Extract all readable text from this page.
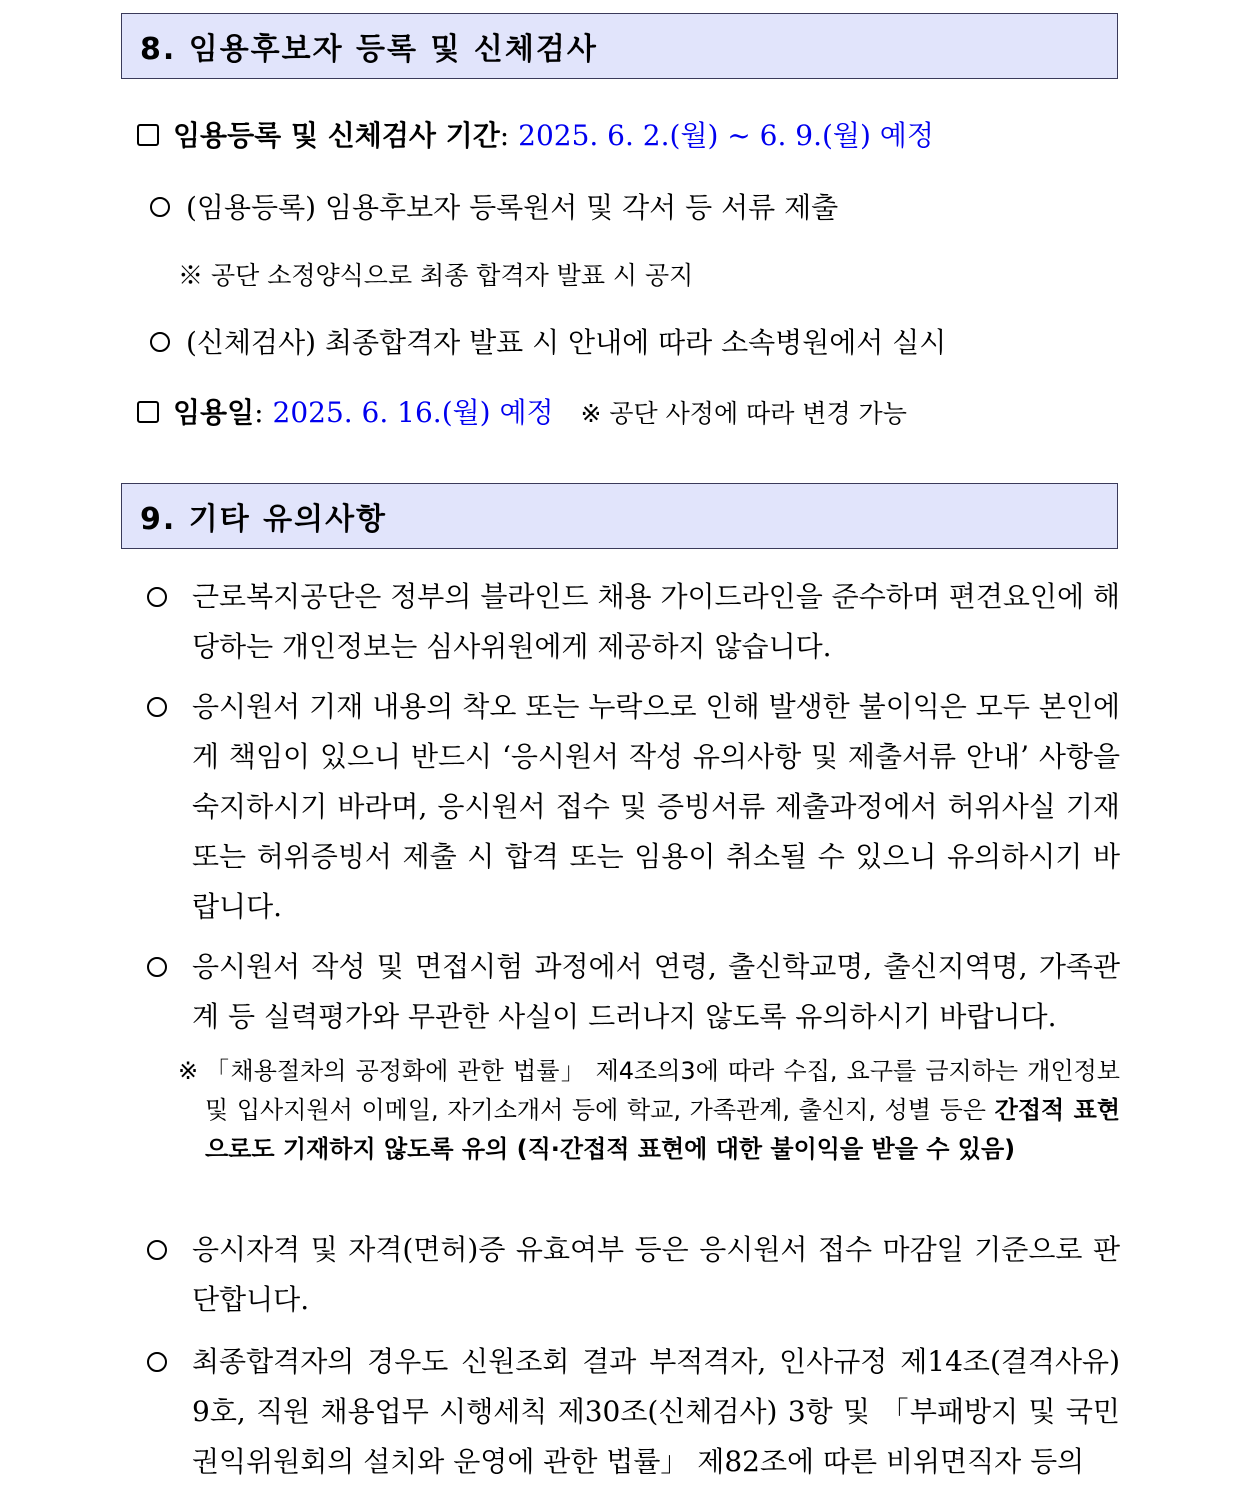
8. 임용후보자 등록 및 신체검사
임용등록 및 신체검사 기간: 2025. 6. 2.(월) ~ 6. 9.(월) 예정
(임용등록) 임용후보자 등록원서 및 각서 등 서류 제출
※ 공단 소정양식으로 최종 합격자 발표 시 공지
(신체검사) 최종합격자 발표 시 안내에 따라 소속병원에서 실시
임용일: 2025. 6. 16.(월) 예정 ※ 공단 사정에 따라 변경 가능
9. 기타 유의사항
근로복지공단은 정부의 블라인드 채용 가이드라인을 준수하며 편견요인에 해당하는 개인정보는 심사위원에게 제공하지 않습니다.
응시원서 기재 내용의 착오 또는 누락으로 인해 발생한 불이익은 모두 본인에게 책임이 있으니 반드시 ‘응시원서 작성 유의사항 및 제출서류 안내’ 사항을 숙지하시기 바라며, 응시원서 접수 및 증빙서류 제출과정에서 허위사실 기재 또는 허위증빙서 제출 시 합격 또는 임용이 취소될 수 있으니 유의하시기 바랍니다.
응시원서 작성 및 면접시험 과정에서 연령, 출신학교명, 출신지역명, 가족관계 등 실력평가와 무관한 사실이 드러나지 않도록 유의하시기 바랍니다.
※ 「채용절차의 공정화에 관한 법률」 제4조의3에 따라 수집, 요구를 금지하는 개인정보 및 입사지원서 이메일, 자기소개서 등에 학교, 가족관계, 출신지, 성별 등은 간접적 표현으로도 기재하지 않도록 유의 (직·간접적 표현에 대한 불이익을 받을 수 있음)
응시자격 및 자격(면허)증 유효여부 등은 응시원서 접수 마감일 기준으로 판단합니다.
최종합격자의 경우도 신원조회 결과 부적격자, 인사규정 제14조(결격사유) 9호, 직원 채용업무 시행세칙 제30조(신체검사) 3항 및 「부패방지 및 국민권익위원회의 설치와 운영에 관한 법률」 제82조에 따른 비위면직자 등의
